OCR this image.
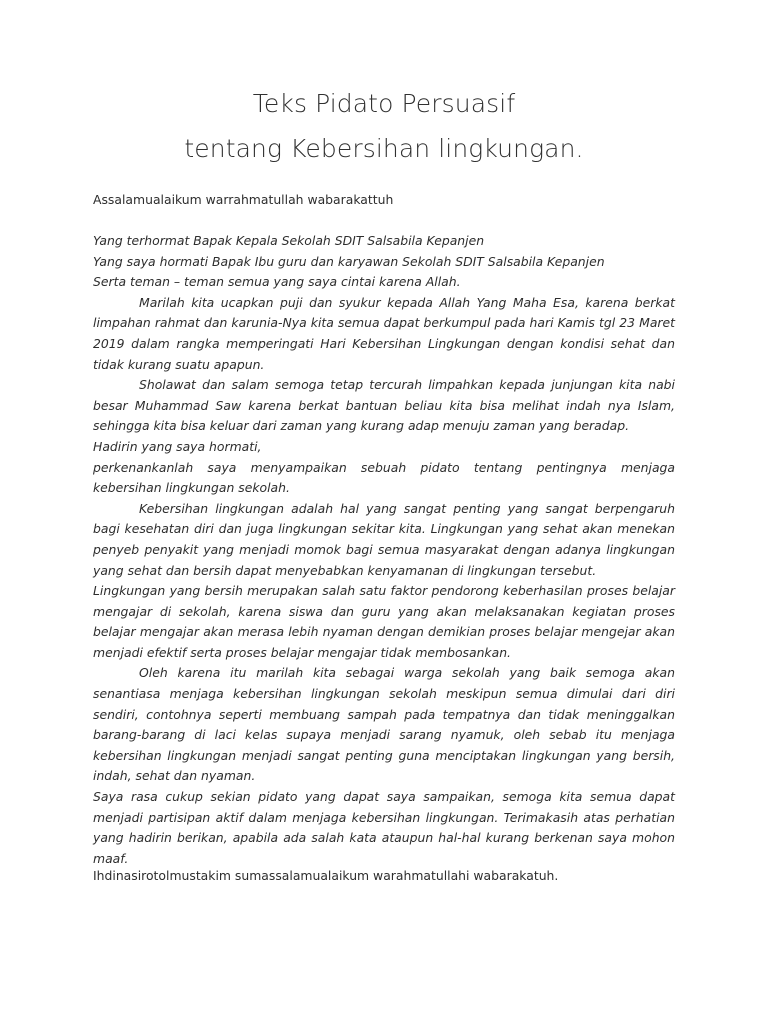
Teks Pidato Persuasif
tentang Kebersihan lingkungan.
Assalamualaikum warrahmatullah wabarakattuh
Yang terhormat Bapak Kepala Sekolah SDIT Salsabila Kepanjen
Yang saya hormati Bapak Ibu guru dan karyawan Sekolah SDIT Salsabila Kepanjen
Serta teman – teman semua yang saya cintai karena Allah.
Marilah kita ucapkan puji dan syukur kepada Allah Yang Maha Esa, karena berkat limpahan rahmat dan karunia-Nya kita semua dapat berkumpul pada hari Kamis tgl 23 Maret 2019 dalam rangka memperingati Hari Kebersihan Lingkungan dengan kondisi sehat dan tidak kurang suatu apapun.
Sholawat dan salam semoga tetap tercurah limpahkan kepada junjungan kita nabi besar Muhammad Saw karena berkat bantuan beliau kita bisa melihat indah nya Islam, sehingga kita bisa keluar dari zaman yang kurang adap menuju zaman yang beradap.
Hadirin yang saya hormati,
perkenankanlah saya menyampaikan sebuah pidato tentang pentingnya menjaga kebersihan lingkungan sekolah.
Kebersihan lingkungan adalah hal yang sangat penting yang sangat berpengaruh bagi kesehatan diri dan juga lingkungan sekitar kita. Lingkungan yang sehat akan menekan penyeb penyakit yang menjadi momok bagi semua masyarakat dengan adanya lingkungan yang sehat dan bersih dapat menyebabkan kenyamanan di lingkungan tersebut.
Lingkungan yang bersih merupakan salah satu faktor pendorong keberhasilan proses belajar mengajar di sekolah, karena siswa dan guru yang akan melaksanakan kegiatan proses belajar mengajar akan merasa lebih nyaman dengan demikian proses belajar mengejar akan menjadi efektif serta proses belajar mengajar tidak membosankan.
Oleh karena itu marilah kita sebagai warga sekolah yang baik semoga akan senantiasa menjaga kebersihan lingkungan sekolah meskipun semua dimulai dari diri sendiri, contohnya seperti membuang sampah pada tempatnya dan tidak meninggalkan barang-barang di laci kelas supaya menjadi sarang nyamuk, oleh sebab itu menjaga kebersihan lingkungan menjadi sangat penting guna menciptakan lingkungan yang bersih, indah, sehat dan nyaman.
Saya rasa cukup sekian pidato yang dapat saya sampaikan, semoga kita semua dapat menjadi partisipan aktif dalam menjaga kebersihan lingkungan. Terimakasih atas perhatian yang hadirin berikan, apabila ada salah kata ataupun hal-hal kurang berkenan saya mohon maaf.
Ihdinasirotolmustakim sumassalamualaikum warahmatullahi wabarakatuh.
